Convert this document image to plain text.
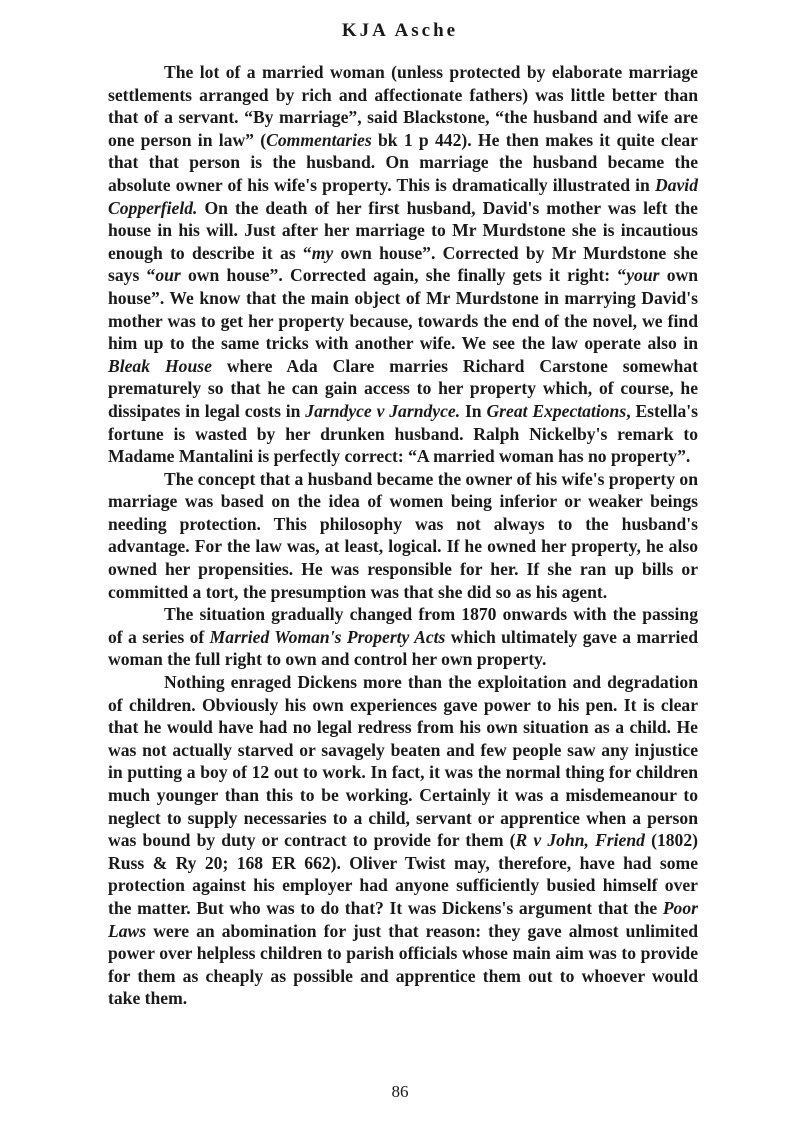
KJA Asche

The lot of a married woman (unless protected by elaborate marriage settlements arranged by rich and affectionate fathers) was little better than that of a servant. “By marriage”, said Blackstone, “the husband and wife are one person in law” (Commentaries bk 1 p 442). He then makes it quite clear that that person is the husband. On marriage the husband became the absolute owner of his wife's property. This is dramatically illustrated in David Copperfield. On the death of her first husband, David's mother was left the house in his will. Just after her marriage to Mr Murdstone she is incautious enough to describe it as “my own house”. Corrected by Mr Murdstone she says “our own house”. Corrected again, she finally gets it right: “your own house”. We know that the main object of Mr Murdstone in marrying David's mother was to get her property because, towards the end of the novel, we find him up to the same tricks with another wife. We see the law operate also in Bleak House where Ada Clare marries Richard Carstone somewhat prematurely so that he can gain access to her property which, of course, he dissipates in legal costs in Jarndyce v Jarndyce. In Great Expectations, Estella's fortune is wasted by her drunken husband. Ralph Nickelby's remark to Madame Mantalini is perfectly correct: “A married woman has no property”.

The concept that a husband became the owner of his wife's property on marriage was based on the idea of women being inferior or weaker beings needing protection. This philosophy was not always to the husband's advantage. For the law was, at least, logical. If he owned her property, he also owned her propensities. He was responsible for her. If she ran up bills or committed a tort, the presumption was that she did so as his agent.

The situation gradually changed from 1870 onwards with the passing of a series of Married Woman's Property Acts which ultimately gave a married woman the full right to own and control her own property.

Nothing enraged Dickens more than the exploitation and degradation of children. Obviously his own experiences gave power to his pen. It is clear that he would have had no legal redress from his own situation as a child. He was not actually starved or savagely beaten and few people saw any injustice in putting a boy of 12 out to work. In fact, it was the normal thing for children much younger than this to be working. Certainly it was a misdemeanour to neglect to supply necessaries to a child, servant or apprentice when a person was bound by duty or contract to provide for them (R v John, Friend (1802) Russ & Ry 20; 168 ER 662). Oliver Twist may, therefore, have had some protection against his employer had anyone sufficiently busied himself over the matter. But who was to do that? It was Dickens's argument that the Poor Laws were an abomination for just that reason: they gave almost unlimited power over helpless children to parish officials whose main aim was to provide for them as cheaply as possible and apprentice them out to whoever would take them.

86
